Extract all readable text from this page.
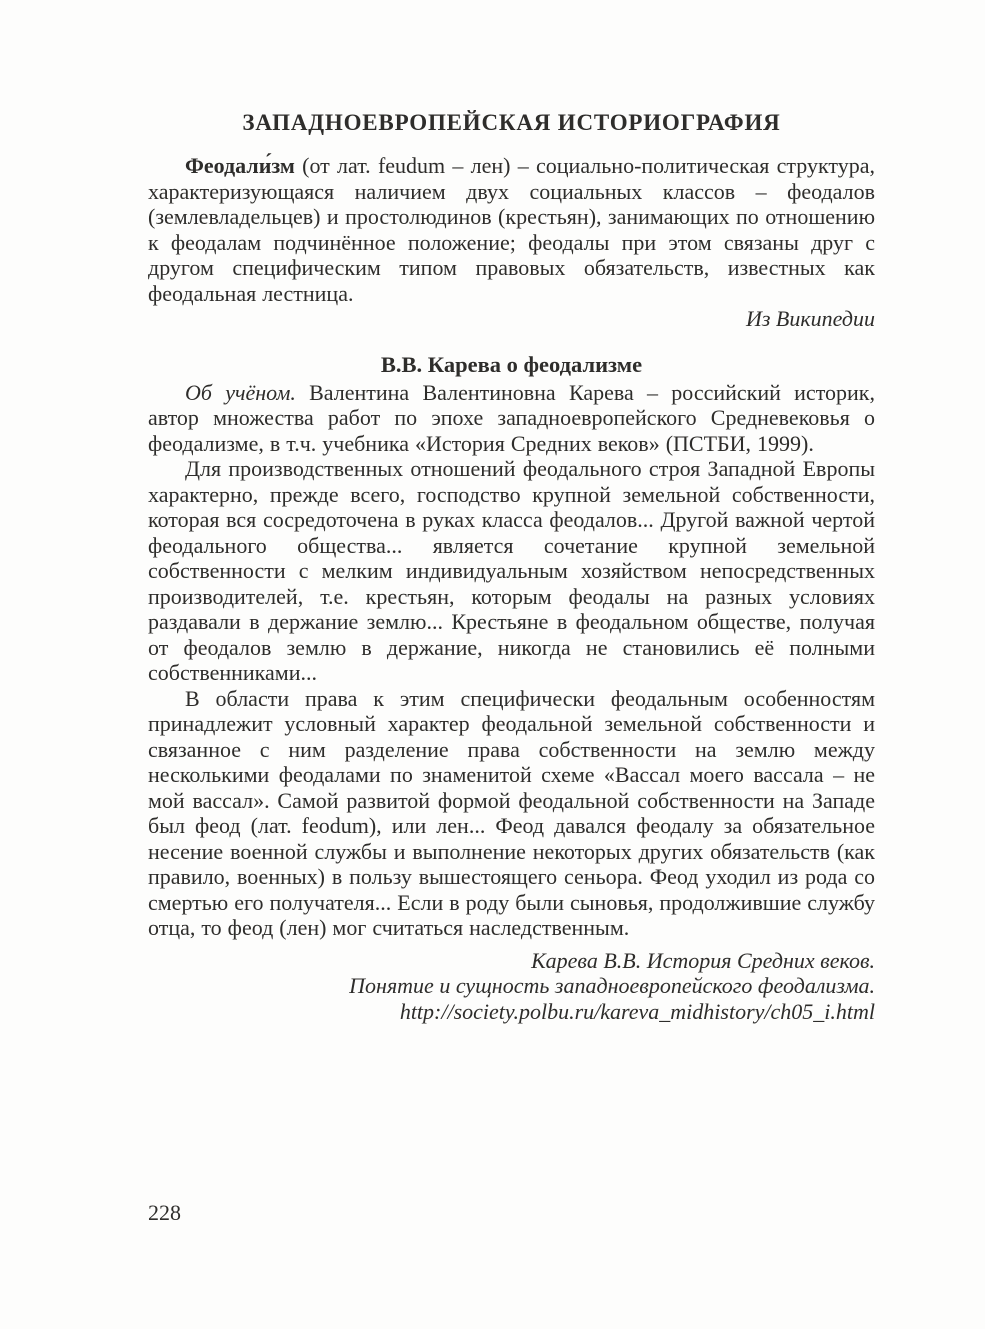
ЗАПАДНОЕВРОПЕЙСКАЯ ИСТОРИОГРАФИЯ

Феодали́зм (от лат. feudum – лен) – социально-политическая структура, характеризующаяся наличием двух социальных классов – феодалов (землевладельцев) и простолюдинов (крестьян), занимающих по отношению к феодалам подчинённое положение; феодалы при этом связаны друг с другом специфическим типом правовых обязательств, известных как феодальная лестница.

Из Википедии

В.В. Карева о феодализме

Об учёном. Валентина Валентиновна Карева – российский историк, автор множества работ по эпохе западноевропейского Средневековья о феодализме, в т.ч. учебника «История Средних веков» (ПСТБИ, 1999).

Для производственных отношений феодального строя Западной Европы характерно, прежде всего, господство крупной земельной собственности, которая вся сосредоточена в руках класса феодалов... Другой важной чертой феодального общества... является сочетание крупной земельной собственности с мелким индивидуальным хозяйством непосредственных производителей, т.е. крестьян, которым феодалы на разных условиях раздавали в держание землю... Крестьяне в феодальном обществе, получая от феодалов землю в держание, никогда не становились её полными собственниками...

В области права к этим специфически феодальным особенностям принадлежит условный характер феодальной земельной собственности и связанное с ним разделение права собственности на землю между несколькими феодалами по знаменитой схеме «Вассал моего вассала – не мой вассал». Самой развитой формой феодальной собственности на Западе был феод (лат. feodum), или лен... Феод давался феодалу за обязательное несение военной службы и выполнение некоторых других обязательств (как правило, военных) в пользу вышестоящего сеньора. Феод уходил из рода со смертью его получателя... Если в роду были сыновья, продолжившие службу отца, то феод (лен) мог считаться наследственным.

Карева В.В. История Средних веков.
Понятие и сущность западноевропейского феодализма.
http://society.polbu.ru/kareva_midhistory/ch05_i.html
228
